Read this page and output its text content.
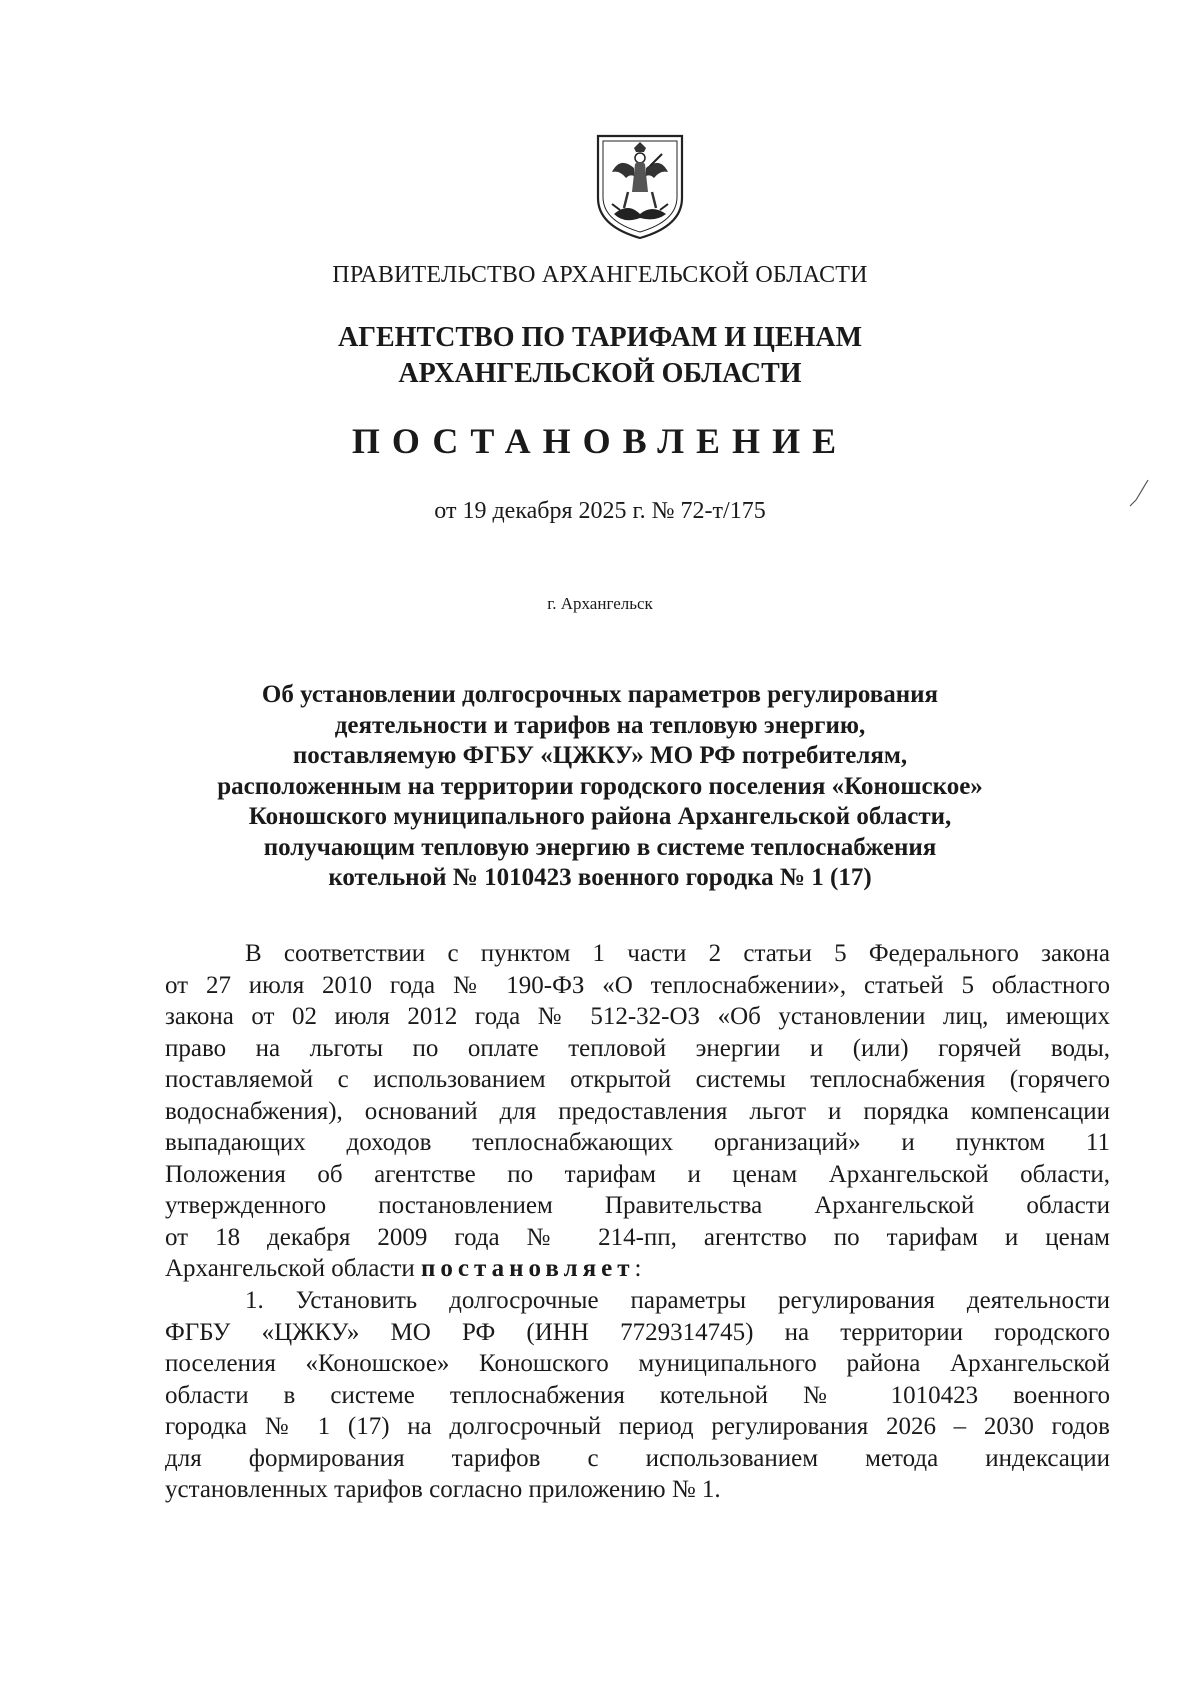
ПРАВИТЕЛЬСТВО АРХАНГЕЛЬСКОЙ ОБЛАСТИ
АГЕНТСТВО ПО ТАРИФАМ И ЦЕНАМ
АРХАНГЕЛЬСКОЙ ОБЛАСТИ
ПОСТАНОВЛЕНИЕ
от 19 декабря 2025 г. № 72-т/175
г. Архангельск
Об установлении долгосрочных параметров регулирования
деятельности и тарифов на тепловую энергию,
поставляемую ФГБУ «ЦЖКУ» МО РФ потребителям,
расположенным на территории городского поселения «Коношское»
Коношского муниципального района Архангельской области,
получающим тепловую энергию в системе теплоснабжения
котельной № 1010423 военного городка № 1 (17)
В соответствии с пунктом 1 части 2 статьи 5 Федерального закона
от 27 июля 2010 года № 190-ФЗ «О теплоснабжении», статьей 5 областного
закона от 02 июля 2012 года № 512-32-ОЗ «Об установлении лиц, имеющих
право на льготы по оплате тепловой энергии и (или) горячей воды,
поставляемой с использованием открытой системы теплоснабжения (горячего
водоснабжения), оснований для предоставления льгот и порядка компенсации
выпадающих доходов теплоснабжающих организаций» и пунктом 11
Положения об агентстве по тарифам и ценам Архангельской области,
утвержденного постановлением Правительства Архангельской области
от 18 декабря 2009 года № 214-пп, агентство по тарифам и ценам
Архангельской области постановляет:
1. Установить долгосрочные параметры регулирования деятельности
ФГБУ «ЦЖКУ» МО РФ (ИНН 7729314745) на территории городского
поселения «Коношское» Коношского муниципального района Архангельской
области в системе теплоснабжения котельной № 1010423 военного
городка № 1 (17) на долгосрочный период регулирования 2026 – 2030 годов
для формирования тарифов с использованием метода индексации
установленных тарифов согласно приложению № 1.
